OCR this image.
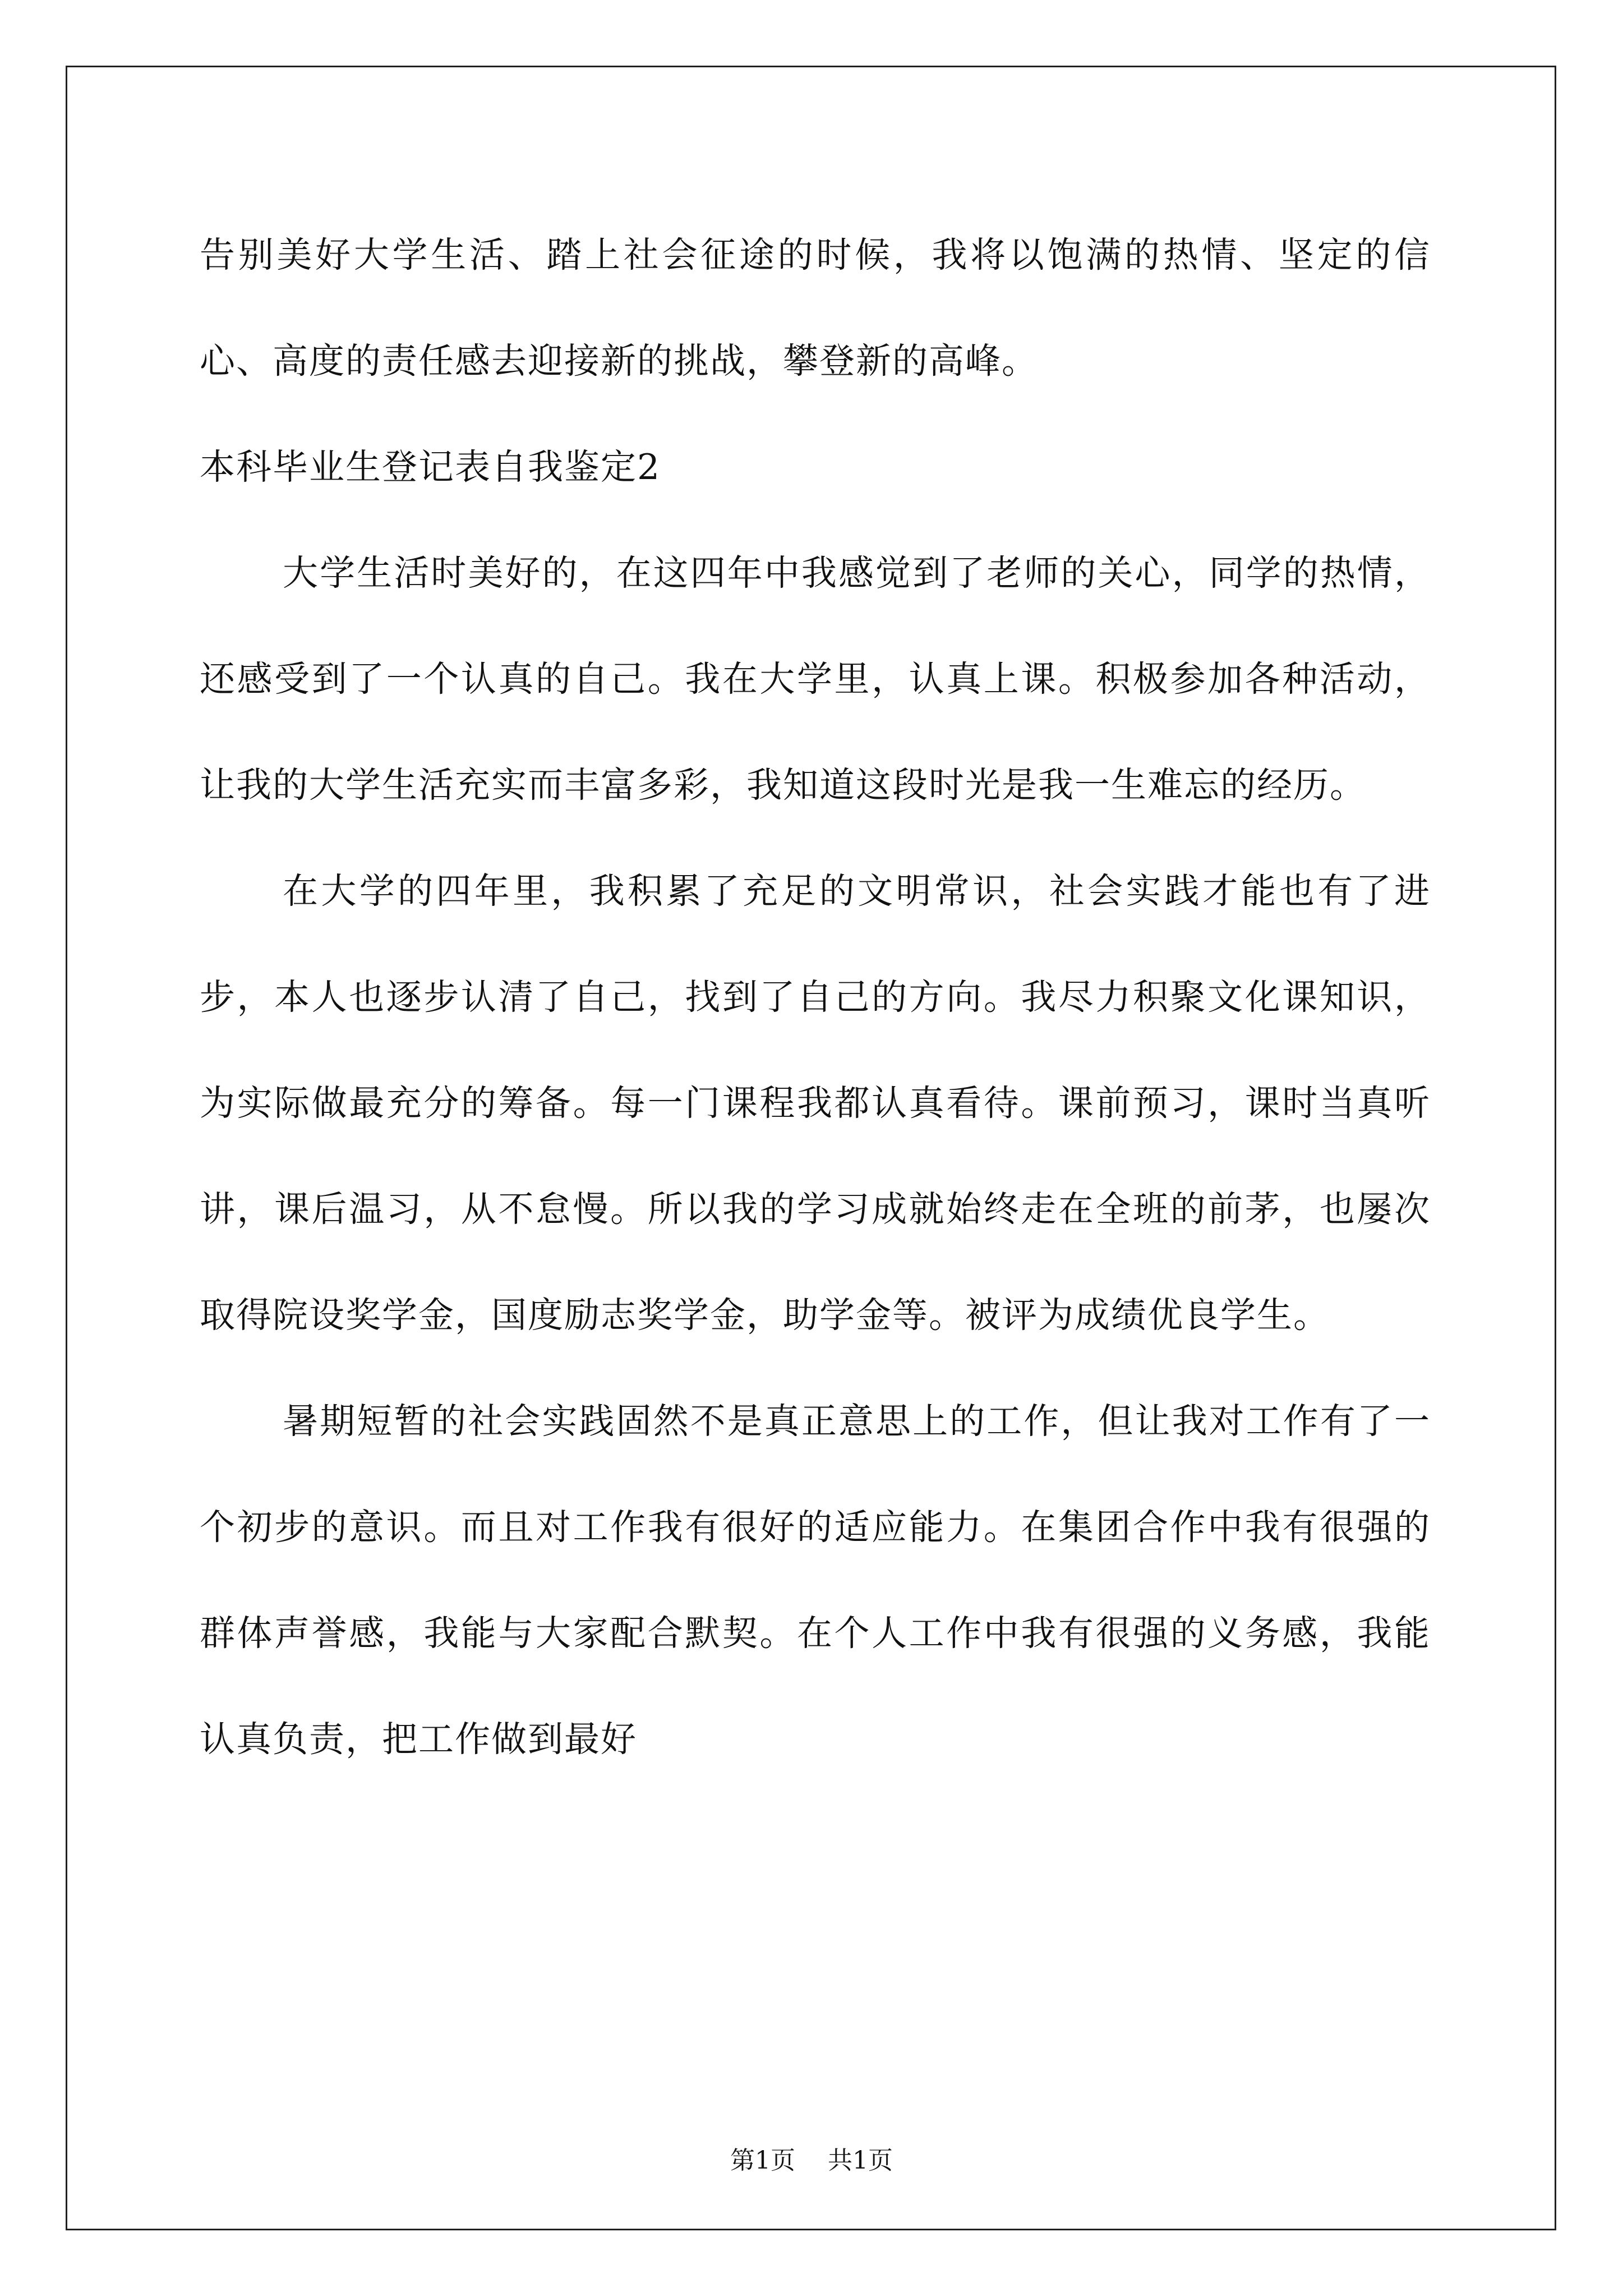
告别美好大学生活、踏上社会征途的时候，我将以饱满的热情、坚定的信心、高度的责任感去迎接新的挑战，攀登新的高峰。

本科毕业生登记表自我鉴定2

大学生活时美好的，在这四年中我感觉到了老师的关心，同学的热情，还感受到了一个认真的自己。我在大学里，认真上课。积极参加各种活动，让我的大学生活充实而丰富多彩，我知道这段时光是我一生难忘的经历。

在大学的四年里，我积累了充足的文明常识，社会实践才能也有了进步，本人也逐步认清了自己，找到了自己的方向。我尽力积聚文化课知识，为实际做最充分的筹备。每一门课程我都认真看待。课前预习，课时当真听讲，课后温习，从不怠慢。所以我的学习成就始终走在全班的前茅，也屡次取得院设奖学金，国度励志奖学金，助学金等。被评为成绩优良学生。

暑期短暂的社会实践固然不是真正意思上的工作，但让我对工作有了一个初步的意识。而且对工作我有很好的适应能力。在集团合作中我有很强的群体声誉感，我能与大家配合默契。在个人工作中我有很强的义务感，我能认真负责，把工作做到最好

第1页 共1页
